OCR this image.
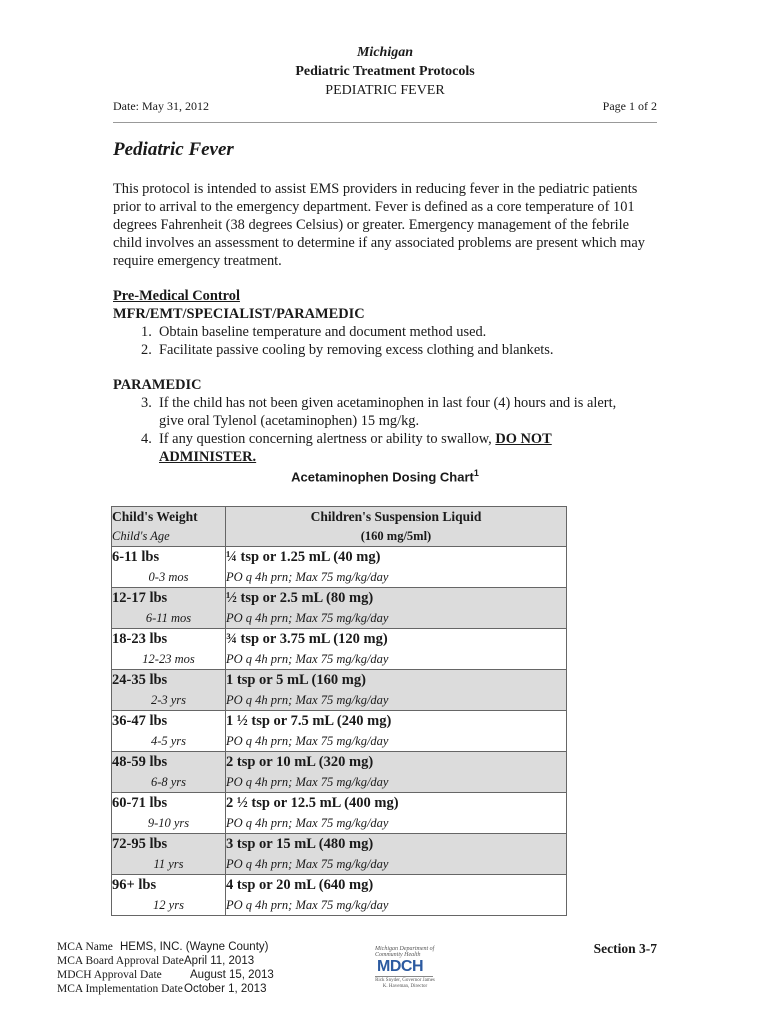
Michigan
Pediatric Treatment Protocols
PEDIATRIC FEVER
Date: May 31, 2012	Page 1 of 2
Pediatric Fever
This protocol is intended to assist EMS providers in reducing fever in the pediatric patients prior to arrival to the emergency department. Fever is defined as a core temperature of 101 degrees Fahrenheit (38 degrees Celsius) or greater. Emergency management of the febrile child involves an assessment to determine if any associated problems are present which may require emergency treatment.
Pre-Medical Control
MFR/EMT/SPECIALIST/PARAMEDIC
1. Obtain baseline temperature and document method used.
2. Facilitate passive cooling by removing excess clothing and blankets.
PARAMEDIC
3. If the child has not been given acetaminophen in last four (4) hours and is alert,
give oral Tylenol (acetaminophen) 15 mg/kg.
4. If any question concerning alertness or ability to swallow, DO NOT
ADMINISTER.
Acetaminophen Dosing Chart$^1$
Child's Weight	Children's Suspension Liquid
Child's Age	(160 mg/5ml)
6-11 lbs	¼ tsp or 1.25 mL (40 mg)
0-3 mos	PO q 4h prn; Max 75 mg/kg/day
12-17 lbs	½ tsp or 2.5 mL (80 mg)
6-11 mos	PO q 4h prn; Max 75 mg/kg/day
18-23 lbs	¾ tsp or 3.75 mL (120 mg)
12-23 mos	PO q 4h prn; Max 75 mg/kg/day
24-35 lbs	1 tsp or 5 mL (160 mg)
2-3 yrs	PO q 4h prn; Max 75 mg/kg/day
36-47 lbs	1 ½ tsp or 7.5 mL (240 mg)
4-5 yrs	PO q 4h prn; Max 75 mg/kg/day
48-59 lbs	2 tsp or 10 mL (320 mg)
6-8 yrs	PO q 4h prn; Max 75 mg/kg/day
60-71 lbs	2 ½ tsp or 12.5 mL (400 mg)
9-10 yrs	PO q 4h prn; Max 75 mg/kg/day
72-95 lbs	3 tsp or 15 mL (480 mg)
11 yrs	PO q 4h prn; Max 75 mg/kg/day
96+ lbs	4 tsp or 20 mL (640 mg)
12 yrs	PO q 4h prn; Max 75 mg/kg/day
MCA Name HEMS, INC. (Wayne County)
MCA Board Approval DateApril 11, 2013
MDCH Approval Date August 15, 2013
MCA Implementation DateOctober 1, 2013
Michigan Department of Community Health
MDCH
Rick Snyder, Governor James K. Haveman, Director
Section 3-7
